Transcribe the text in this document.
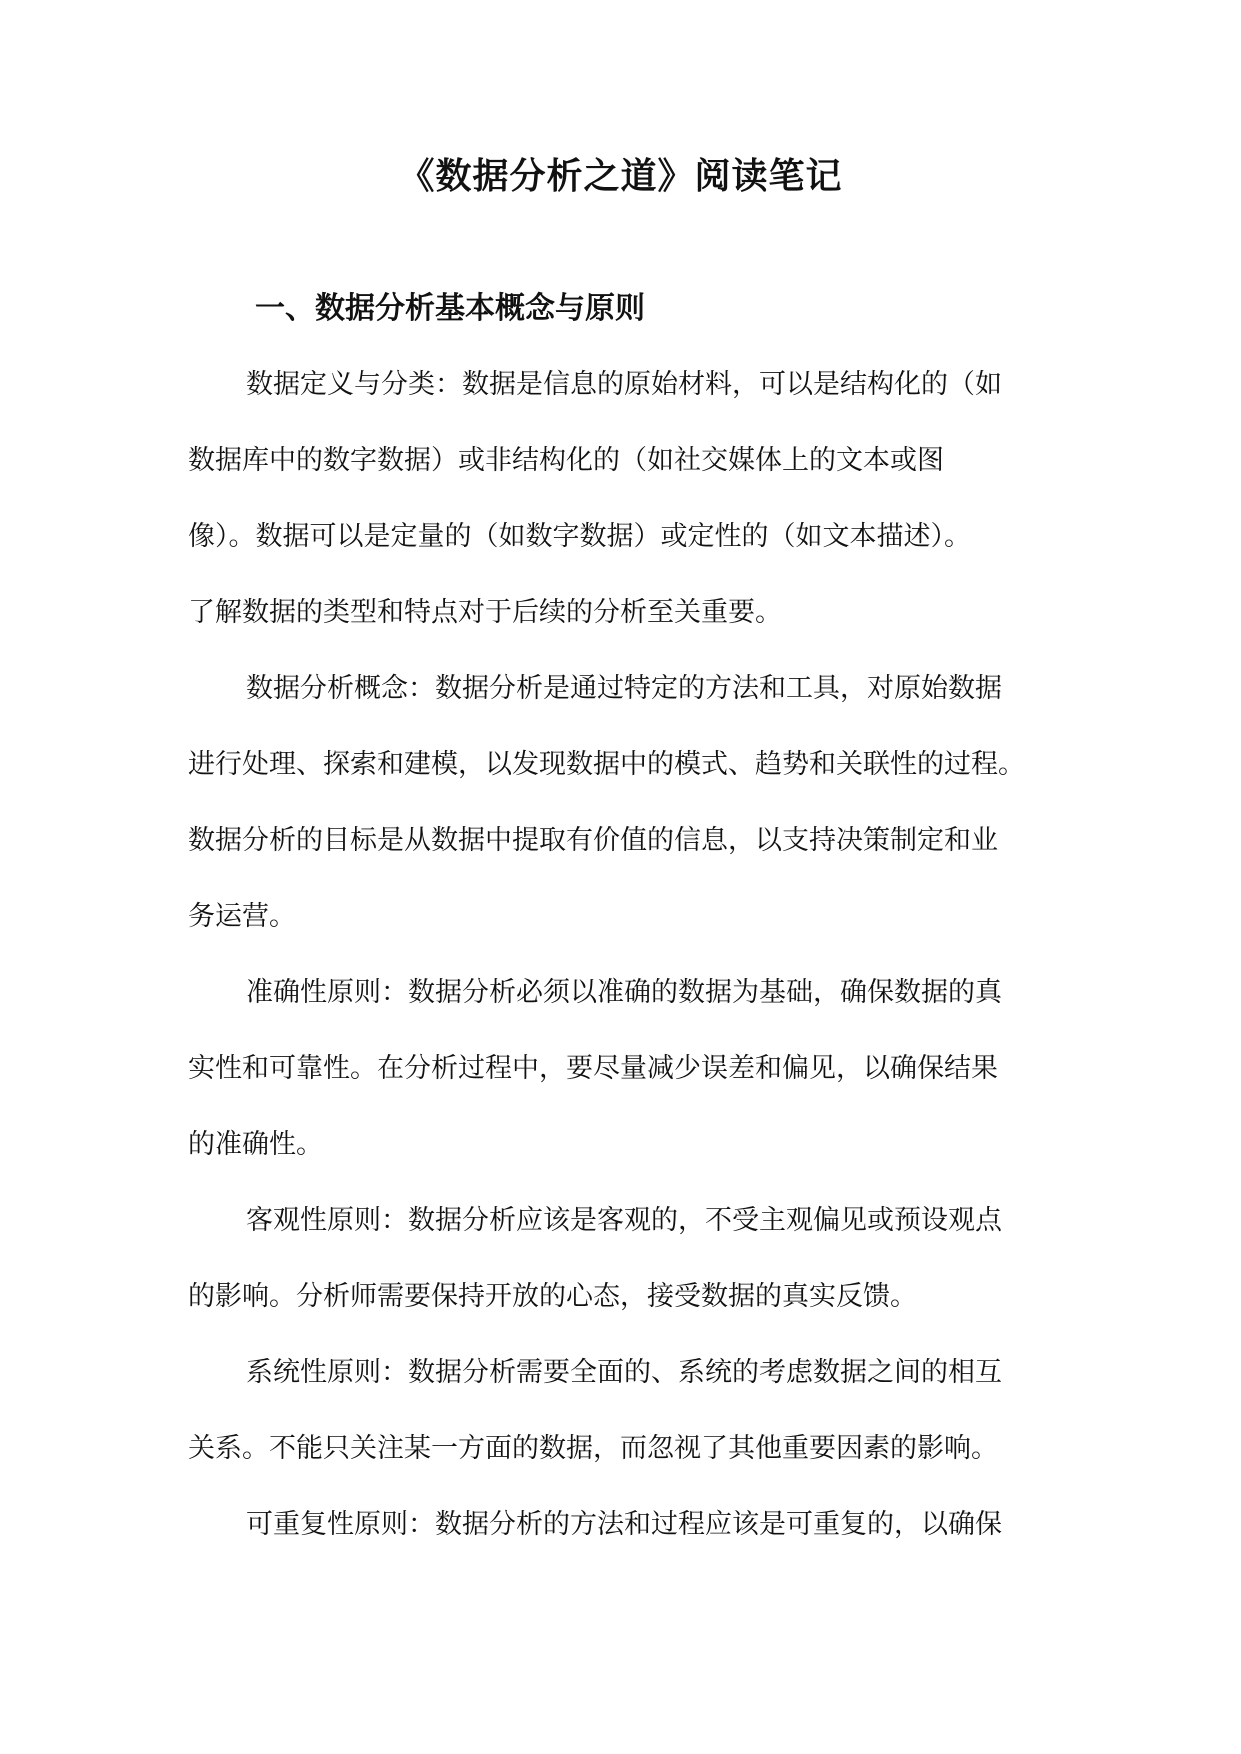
《数据分析之道》阅读笔记
一、数据分析基本概念与原则
数据定义与分类：数据是信息的原始材料，可以是结构化的（如
数据库中的数字数据）或非结构化的（如社交媒体上的文本或图
像）。数据可以是定量的（如数字数据）或定性的（如文本描述）。
了解数据的类型和特点对于后续的分析至关重要。
数据分析概念：数据分析是通过特定的方法和工具，对原始数据
进行处理、探索和建模，以发现数据中的模式、趋势和关联性的过程。
数据分析的目标是从数据中提取有价值的信息，以支持决策制定和业
务运营。
准确性原则：数据分析必须以准确的数据为基础，确保数据的真
实性和可靠性。在分析过程中，要尽量减少误差和偏见，以确保结果
的准确性。
客观性原则：数据分析应该是客观的，不受主观偏见或预设观点
的影响。分析师需要保持开放的心态，接受数据的真实反馈。
系统性原则：数据分析需要全面的、系统的考虑数据之间的相互
关系。不能只关注某一方面的数据，而忽视了其他重要因素的影响。
可重复性原则：数据分析的方法和过程应该是可重复的，以确保
